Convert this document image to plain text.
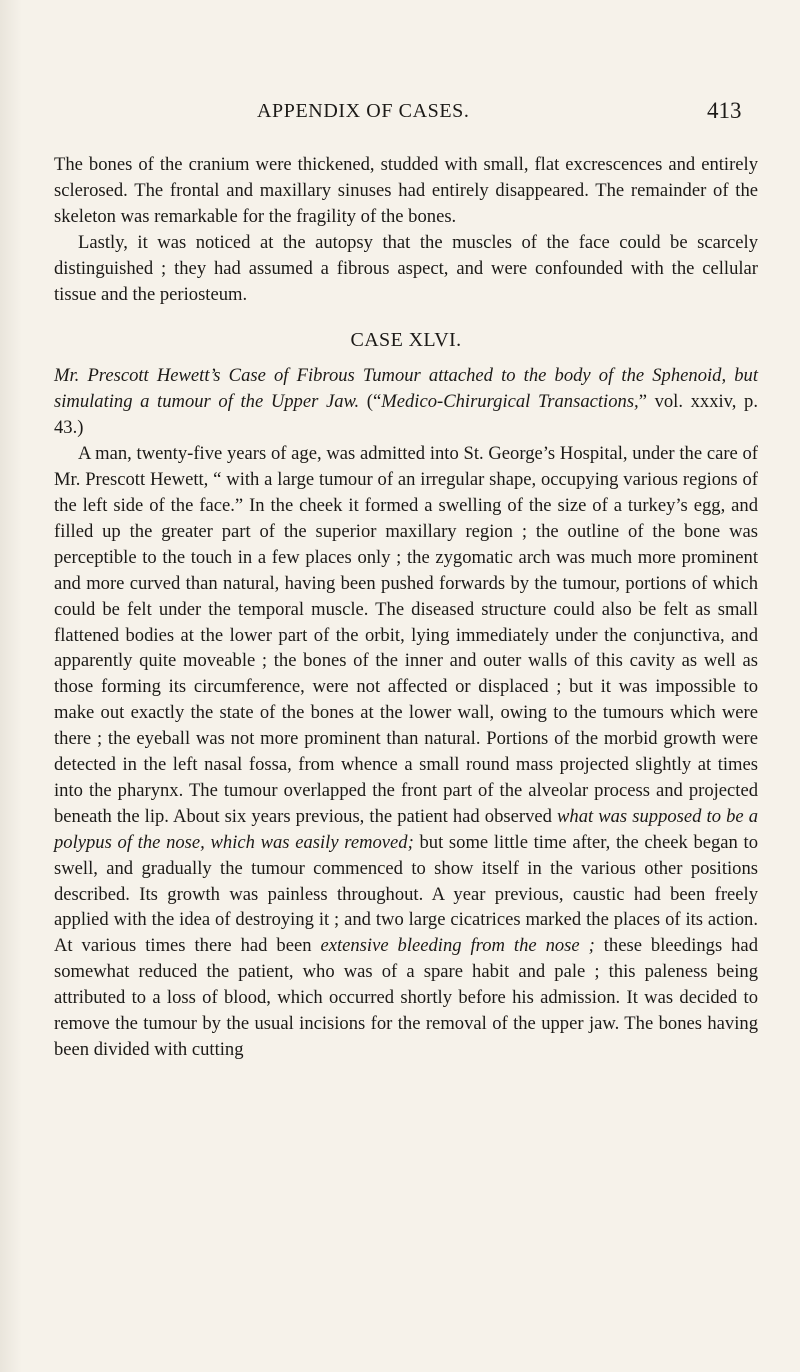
APPENDIX OF CASES.	413

The bones of the cranium were thickened, studded with small, flat excrescences and entirely sclerosed. The frontal and maxillary sinuses had entirely disappeared. The remainder of the skeleton was remarkable for the fragility of the bones.

Lastly, it was noticed at the autopsy that the muscles of the face could be scarcely distinguished ; they had assumed a fibrous aspect, and were confounded with the cellular tissue and the periosteum.

CASE XLVI.

Mr. Prescott Hewett’s Case of Fibrous Tumour attached to the body of the Sphenoid, but simulating a tumour of the Upper Jaw. (“Medico-Chirurgical Transactions,” vol. xxxiv, p. 43.)

A man, twenty-five years of age, was admitted into St. George’s Hospital, under the care of Mr. Prescott Hewett, “ with a large tumour of an irregular shape, occupying various regions of the left side of the face.” In the cheek it formed a swelling of the size of a turkey’s egg, and filled up the greater part of the superior maxillary region ; the outline of the bone was perceptible to the touch in a few places only ; the zygomatic arch was much more prominent and more curved than natural, having been pushed forwards by the tumour, portions of which could be felt under the temporal muscle. The diseased structure could also be felt as small flattened bodies at the lower part of the orbit, lying immediately under the conjunctiva, and apparently quite moveable ; the bones of the inner and outer walls of this cavity as well as those forming its circumference, were not affected or displaced ; but it was impossible to make out exactly the state of the bones at the lower wall, owing to the tumours which were there ; the eyeball was not more prominent than natural. Portions of the morbid growth were detected in the left nasal fossa, from whence a small round mass projected slightly at times into the pharynx. The tumour overlapped the front part of the alveolar process and projected beneath the lip. About six years previous, the patient had observed what was supposed to be a polypus of the nose, which was easily removed; but some little time after, the cheek began to swell, and gradually the tumour commenced to show itself in the various other positions described. Its growth was painless throughout. A year previous, caustic had been freely applied with the idea of destroying it ; and two large cicatrices marked the places of its action. At various times there had been extensive bleeding from the nose ; these bleedings had somewhat reduced the patient, who was of a spare habit and pale ; this paleness being attributed to a loss of blood, which occurred shortly before his admission. It was decided to remove the tumour by the usual incisions for the removal of the upper jaw. The bones having been divided with cutting
